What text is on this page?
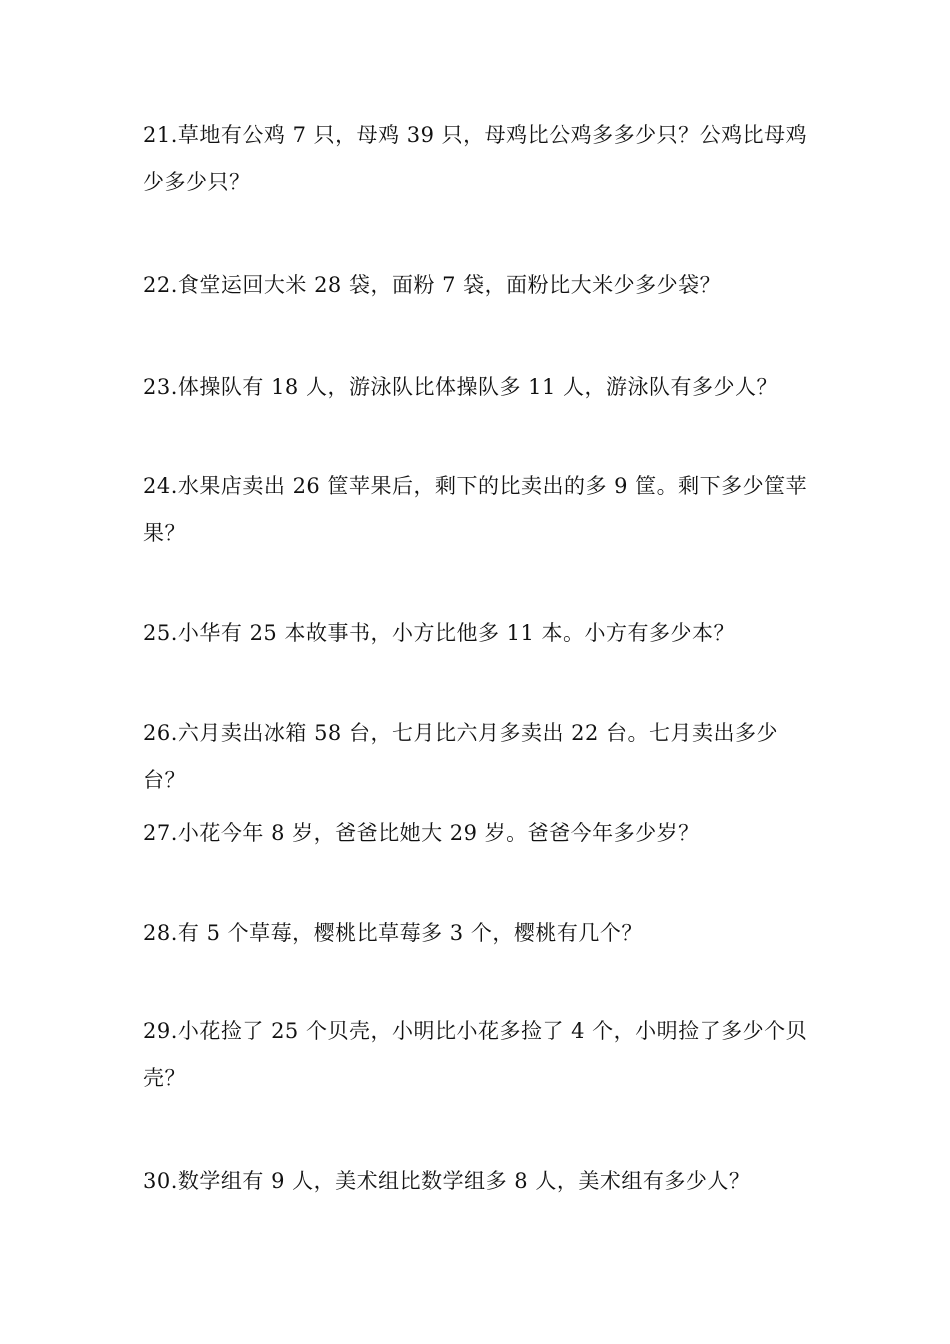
21.草地有公鸡 7 只，母鸡 39 只，母鸡比公鸡多多少只？公鸡比母鸡少多少只？

22.食堂运回大米 28 袋，面粉 7 袋，面粉比大米少多少袋？

23.体操队有 18 人，游泳队比体操队多 11 人，游泳队有多少人？

24.水果店卖出 26 筐苹果后，剩下的比卖出的多 9 筐。剩下多少筐苹果？

25.小华有 25 本故事书，小方比他多 11 本。小方有多少本？

26.六月卖出冰箱 58 台，七月比六月多卖出 22 台。七月卖出多少台？

27.小花今年 8 岁，爸爸比她大 29 岁。爸爸今年多少岁？

28.有 5 个草莓，樱桃比草莓多 3 个，樱桃有几个？

29.小花捡了 25 个贝壳，小明比小花多捡了 4 个，小明捡了多少个贝壳？

30.数学组有 9 人，美术组比数学组多 8 人，美术组有多少人？
